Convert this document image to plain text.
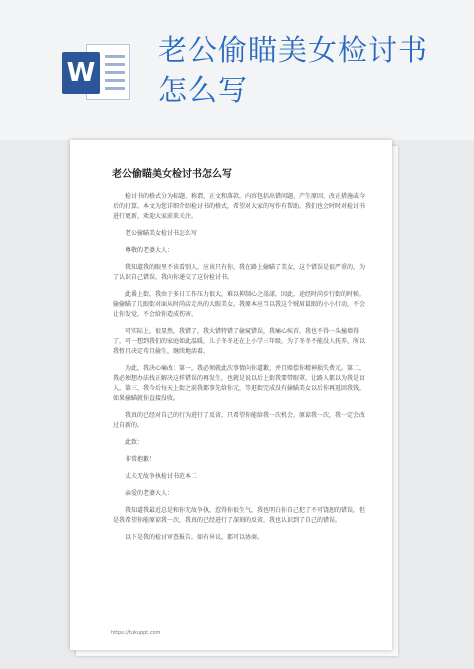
W
老公偷瞄美女检讨书怎么写
老公偷瞄美女检讨书怎么写

检讨书的格式分为标题、称谓、正文和落款，内容包括出错问题、产生原因、改正措施或今后的打算。本文为您详细介绍检讨书的格式，希望对大家的写作有帮助。我们也会时时对检讨书进行更新，欢迎大家前来关注。

老公偷瞄美女检讨书怎么写

尊敬的老婆大人：

我知道我的眼里不该看别人，应该只有你，我在路上偷瞄了美女，这个错误是很严重的，为了认识自己错误，我向你递交了这份检讨书。

此番上街，我由于多日工作压力很大，难以抑制心之荡漾，因此，途经时尚步行街的时候，偷偷瞄了几眼街对面从时尚店走出的大眼美女。我原本应当以我这个贼眉鼠眼的小小行动，不会让你发觉，不会给你造成伤害。

可实际上，很显然，我错了，我大错特错了偷窥错误，我痛心疾首，我也不得一头撞墙得了，可一想到我们的家庭如此温暖，儿子冬冬还在上小学三年级，为了冬冬不能没人抚养，所以我暂且决定苟且偷生，继续地活着。

为此，我决心痛改：第一，我必须就此次事情向你道歉，并且赔偿你精神损失费元。第二，我必须想办法找正解决这样错误的再发生，也就是说以后上街我要带眼罩，让路人都以为我是盲人。第三，我今后每天上街之前我都事先给你元，等逛街完成没有偷瞄美女以后你再返回我钱，如果偷瞄就你直接没收。

我真的已经对自己的行为进行了反省，只希望你能给我一次机会，原谅我一次，我一定会改过自新的。

此致：

非常抱歉！

丈夫无故争执检讨书范本二

亲爱的老婆大人：

我知道我最近总是和你无故争执，惹得你很生气，我也明白你自己犯了不可饶恕的错误，但是我希望你能原谅我一次，我真的已经进行了深刻的反省，我也认识到了自己的错误。

以下是我的检讨审查报告，如有异议，都可以协商。

https://tukuppt.com
